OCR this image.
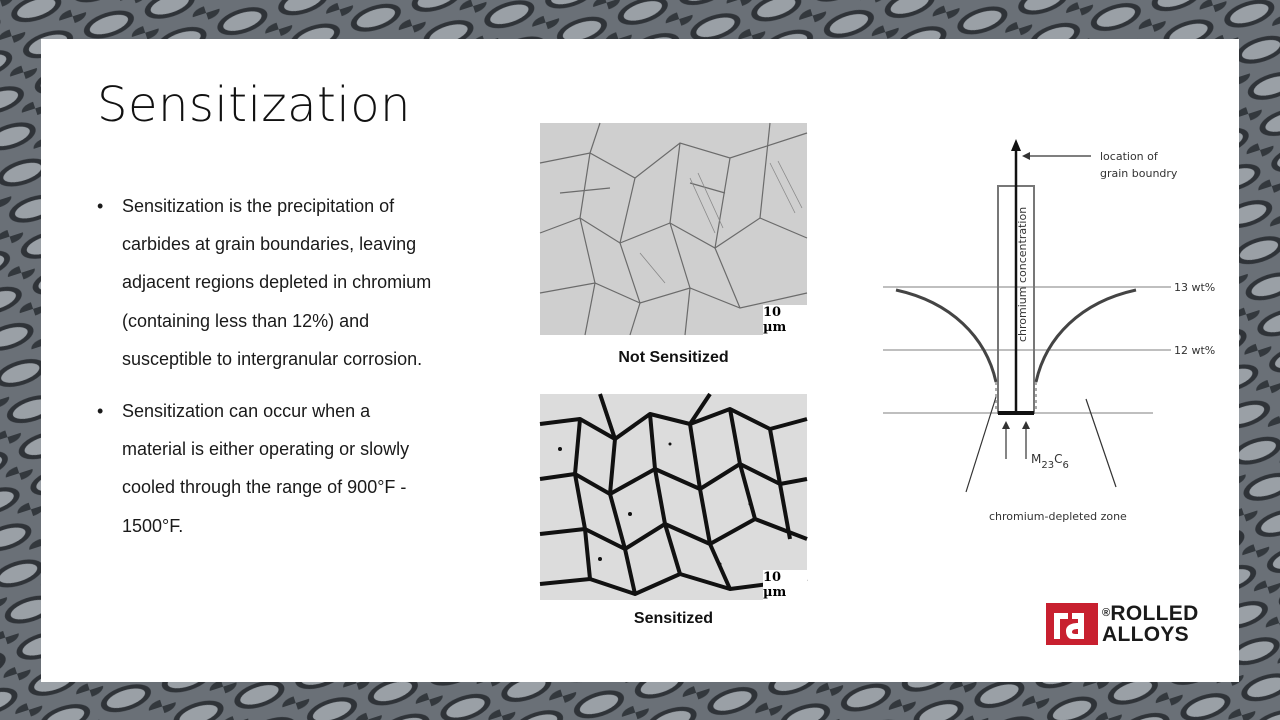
Sensitization
• Sensitization is the precipitation of carbides at grain boundaries, leaving adjacent regions depleted in chromium (containing less than 12%) and susceptible to intergranular corrosion.
• Sensitization can occur when a material is either operating or slowly cooled through the range of 900°F - 1500°F.
10 µm
Not Sensitized
10 µm
Sensitized
location of
grain boundry
chromium concentration	13 wt%
12 wt%
$M_{23}C_6$
chromium-depleted zone
®ROLLED
ALLOYS
